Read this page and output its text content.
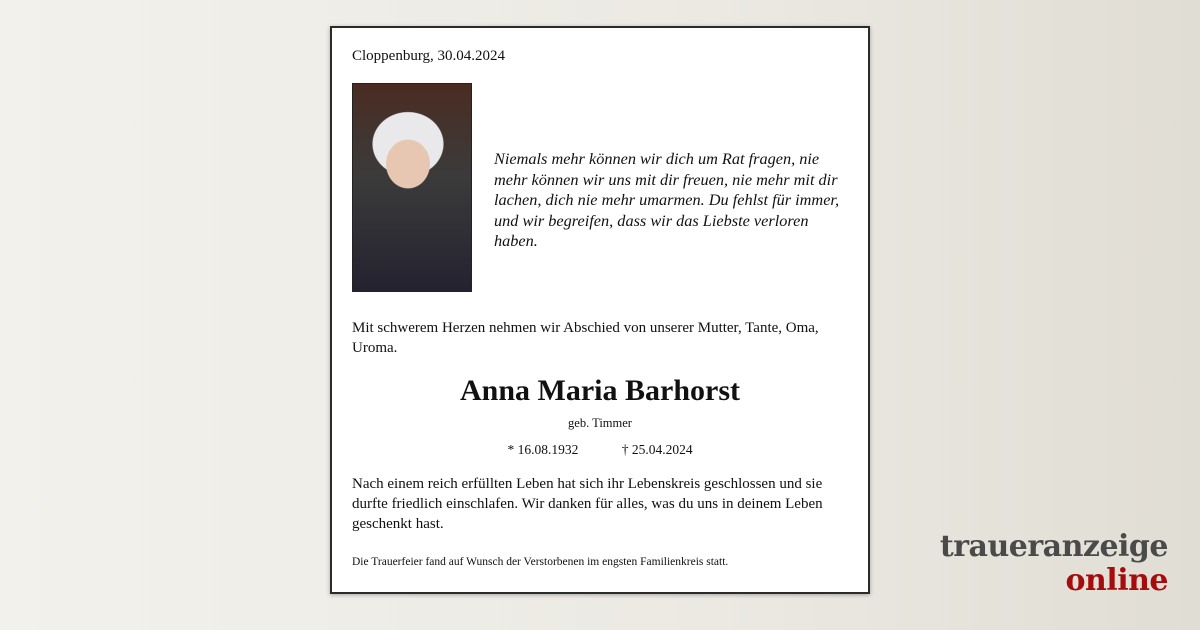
Cloppenburg, 30.04.2024
Niemals mehr können wir dich um Rat fragen, nie mehr können wir uns mit dir freuen, nie mehr mit dir lachen, dich nie mehr umarmen. Du fehlst für immer, und wir begreifen, dass wir das Liebste verloren haben.
Mit schwerem Herzen nehmen wir Abschied von unserer Mutter, Tante, Oma, Uroma.
Anna Maria Barhorst
geb. Timmer
* 16.08.1932	† 25.04.2024
Nach einem reich erfüllten Leben hat sich ihr Lebenskreis geschlossen und sie durfte friedlich einschlafen. Wir danken für alles, was du uns in deinem Leben geschenkt hast.
Die Trauerfeier fand auf Wunsch der Verstorbenen im engsten Familienkreis statt.	traueranzeige
online
